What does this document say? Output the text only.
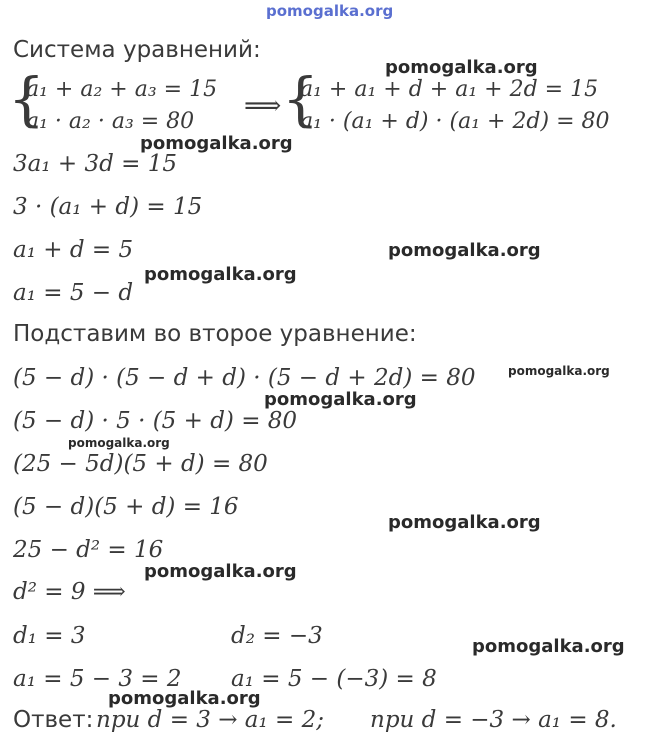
pomogalka.org
Система уравнений:
{
a₁ + a₂ + a₃ = 15
a₁ · a₂ · a₃ = 80
⟹ {
a₁ + a₁ + d + a₁ + 2d = 15
a₁ · (a₁ + d) · (a₁ + 2d) = 80
3a₁ + 3d = 15
3 · (a₁ + d) = 15
a₁ + d = 5
a₁ = 5 − d
Подставим во второе уравнение:
(5 − d) · (5 − d + d) · (5 − d + 2d) = 80
(5 − d) · 5 · (5 + d) = 80
(25 − 5d)(5 + d) = 80
(5 − d)(5 + d) = 16
25 − d² = 16
d² = 9 ⟹
d₁ = 3	d₂ = −3
a₁ = 5 − 3 = 2 a₁ = 5 − (−3) = 8
Ответ: при d = 3 → a₁ = 2; при d = −3 → a₁ = 8.
pomogalka.org
pomogalka.org
pomogalka.org
pomogalka.org
pomogalka.org
pomogalka.org
pomogalka.org
pomogalka.org
pomogalka.org
pomogalka.org
pomogalka.org
